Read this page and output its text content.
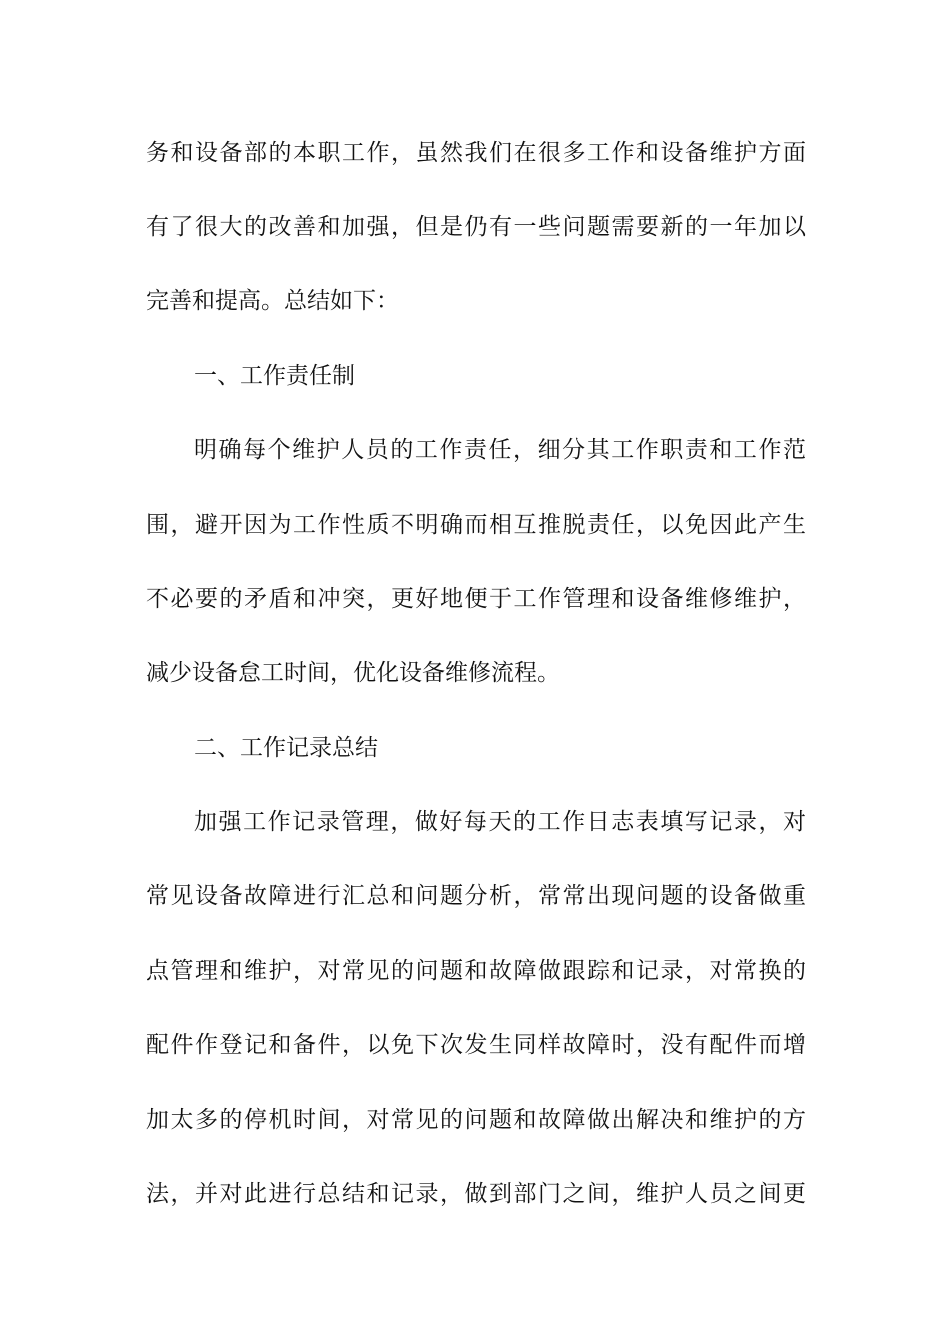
务和设备部的本职工作，虽然我们在很多工作和设备维护方面
有了很大的改善和加强，但是仍有一些问题需要新的一年加以
完善和提高。总结如下：
一、工作责任制
明确每个维护人员的工作责任，细分其工作职责和工作范
围，避开因为工作性质不明确而相互推脱责任，以免因此产生
不必要的矛盾和冲突，更好地便于工作管理和设备维修维护，
减少设备怠工时间，优化设备维修流程。
二、工作记录总结
加强工作记录管理，做好每天的工作日志表填写记录，对
常见设备故障进行汇总和问题分析，常常出现问题的设备做重
点管理和维护，对常见的问题和故障做跟踪和记录，对常换的
配件作登记和备件，以免下次发生同样故障时，没有配件而增
加太多的停机时间，对常见的问题和故障做出解决和维护的方
法，并对此进行总结和记录，做到部门之间，维护人员之间更
